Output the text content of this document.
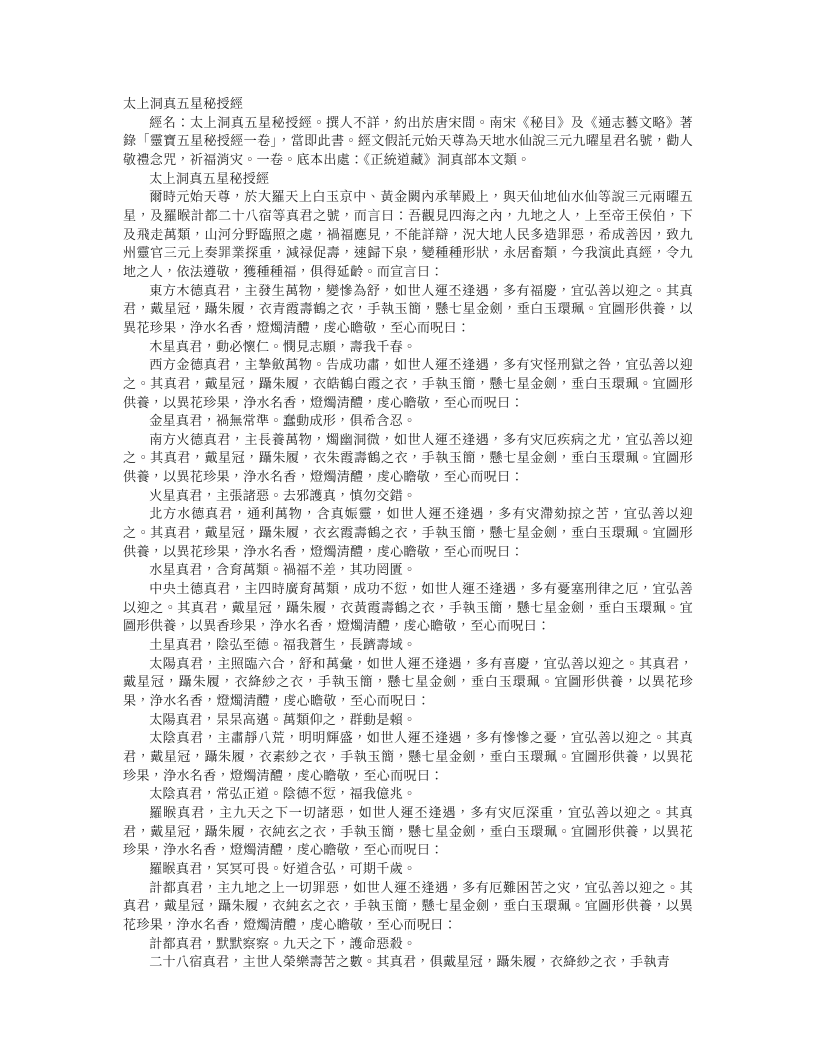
太上洞真五星秘授經

經名：太上洞真五星秘授經。撰人不詳，約出於唐宋間。南宋《秘目》及《通志藝文略》著錄「靈寶五星秘授經一卷」，當即此書。經文假託元始天尊為天地水仙說三元九曜星君名號，勸人敬禮念咒，祈福消灾。一卷。底本出處：《正統道藏》洞真部本文類。

太上洞真五星秘授經

爾時元始天尊，於大羅天上白玉京中、黃金闕內承華殿上，與天仙地仙水仙等說三元兩曜五星，及羅睺計都二十八宿等真君之號，而言曰：吾觀見四海之內，九地之人，上至帝王侯伯，下及飛走萬類，山河分野臨照之處，禍福應見，不能詳辯，況大地人民多造罪惡，希成善因，致九州靈官三元上奏罪業探重，減禄促壽，速歸下泉，變種種形狀，永居畜類，今我演此真經，令九地之人，依法遵敬，獲種種福，俱得延齡。而宣言曰：

東方木德真君，主發生萬物，變慘為舒，如世人運丕逢遇，多有福慶，宜弘善以迎之。其真君，戴星冠，躡朱履，衣青霞壽鶴之衣，手執玉簡，懸七星金劍，垂白玉環珮。宜圖形供養，以異花珍果，浄水名香，燈燭清醴，虔心瞻敬，至心而呪曰：

木星真君，動必懷仁。憫見志願，壽我千春。

西方金德真君，主摯斂萬物。告成功肅，如世人運丕逢遇，多有灾怪刑獄之咎，宜弘善以迎之。其真君，戴星冠，躡朱履，衣皓鶴白霞之衣，手執玉簡，懸七星金劍，垂白玉環珮。宜圖形供養，以異花珍果，浄水名香，燈燭清醴，虔心瞻敬，至心而呪曰：

金星真君，禍無常準。蠢動成形，俱希含忍。

南方火德真君，主長養萬物，燭幽洞微，如世人運丕逢遇，多有灾厄疾病之尤，宜弘善以迎之。其真君，戴星冠，躡朱履，衣朱霞壽鶴之衣，手執玉簡，懸七星金劍，垂白玉環珮。宜圖形供養，以異花珍果，浄水名香，燈燭清醴，虔心瞻敬，至心而呪曰：

火星真君，主張諸惡。去邪護真，慎勿交錯。

北方水德真君，通利萬物，含真娠靈，如世人運丕逢遇，多有灾滯劾掠之苦，宜弘善以迎之。其真君，戴星冠，躡朱履，衣玄霞壽鶴之衣，手執玉簡，懸七星金劍，垂白玉環珮。宜圖形供養，以異花珍果，浄水名香，燈燭清醴，虔心瞻敬，至心而呪曰：

水星真君，含育萬類。禍福不差，其功罔匱。

中央土德真君，主四時廣育萬類，成功不愆，如世人運丕逢遇，多有憂塞刑律之厄，宜弘善以迎之。其真君，戴星冠，躡朱履，衣黃霞壽鶴之衣，手執玉簡，懸七星金劍，垂白玉環珮。宜圖形供養，以異香珍果，浄水名香，燈燭清醴，虔心瞻敬，至心而呪曰：

土星真君，陰弘至德。福我蒼生，長躋壽域。

太陽真君，主照臨六合，舒和萬彙，如世人運丕逢遇，多有喜慶，宜弘善以迎之。其真君，戴星冠，躡朱履，衣絳紗之衣，手執玉簡，懸七星金劍，垂白玉環珮。宜圖形供養，以異花珍果，浄水名香，燈燭清醴，虔心瞻敬，至心而呪曰：

太陽真君，杲杲高邁。萬類仰之，群動是賴。

太陰真君，主肅靜八荒，明明輝盛，如世人運丕逢遇，多有慘慘之憂，宜弘善以迎之。其真君，戴星冠，躡朱履，衣素紗之衣，手執玉簡，懸七星金劍，垂白玉環珮。宜圖形供養，以異花珍果，浄水名香，燈燭清醴，虔心瞻敬，至心而呪曰：

太陰真君，常弘正道。陰德不愆，福我億兆。

羅睺真君，主九天之下一切諸惡，如世人運丕逢遇，多有灾厄深重，宜弘善以迎之。其真君，戴星冠，躡朱履，衣純玄之衣，手執玉簡，懸七星金劍，垂白玉環珮。宜圖形供養，以異花珍果，浄水名香，燈燭清醴，虔心瞻敬，至心而呪曰：

羅睺真君，冥冥可畏。好道含弘，可期千歲。

計都真君，主九地之上一切罪惡，如世人運丕逢遇，多有厄難困苦之灾，宜弘善以迎之。其真君，戴星冠，躡朱履，衣純玄之衣，手執玉簡，懸七星金劍，垂白玉環珮。宜圖形供養，以異花珍果，浄水名香，燈燭清醴，虔心瞻敬，至心而呪曰：

計都真君，默默察察。九天之下，護命惡殺。

二十八宿真君，主世人榮樂壽苦之數。其真君，俱戴星冠，躡朱履，衣絳紗之衣，手執青
